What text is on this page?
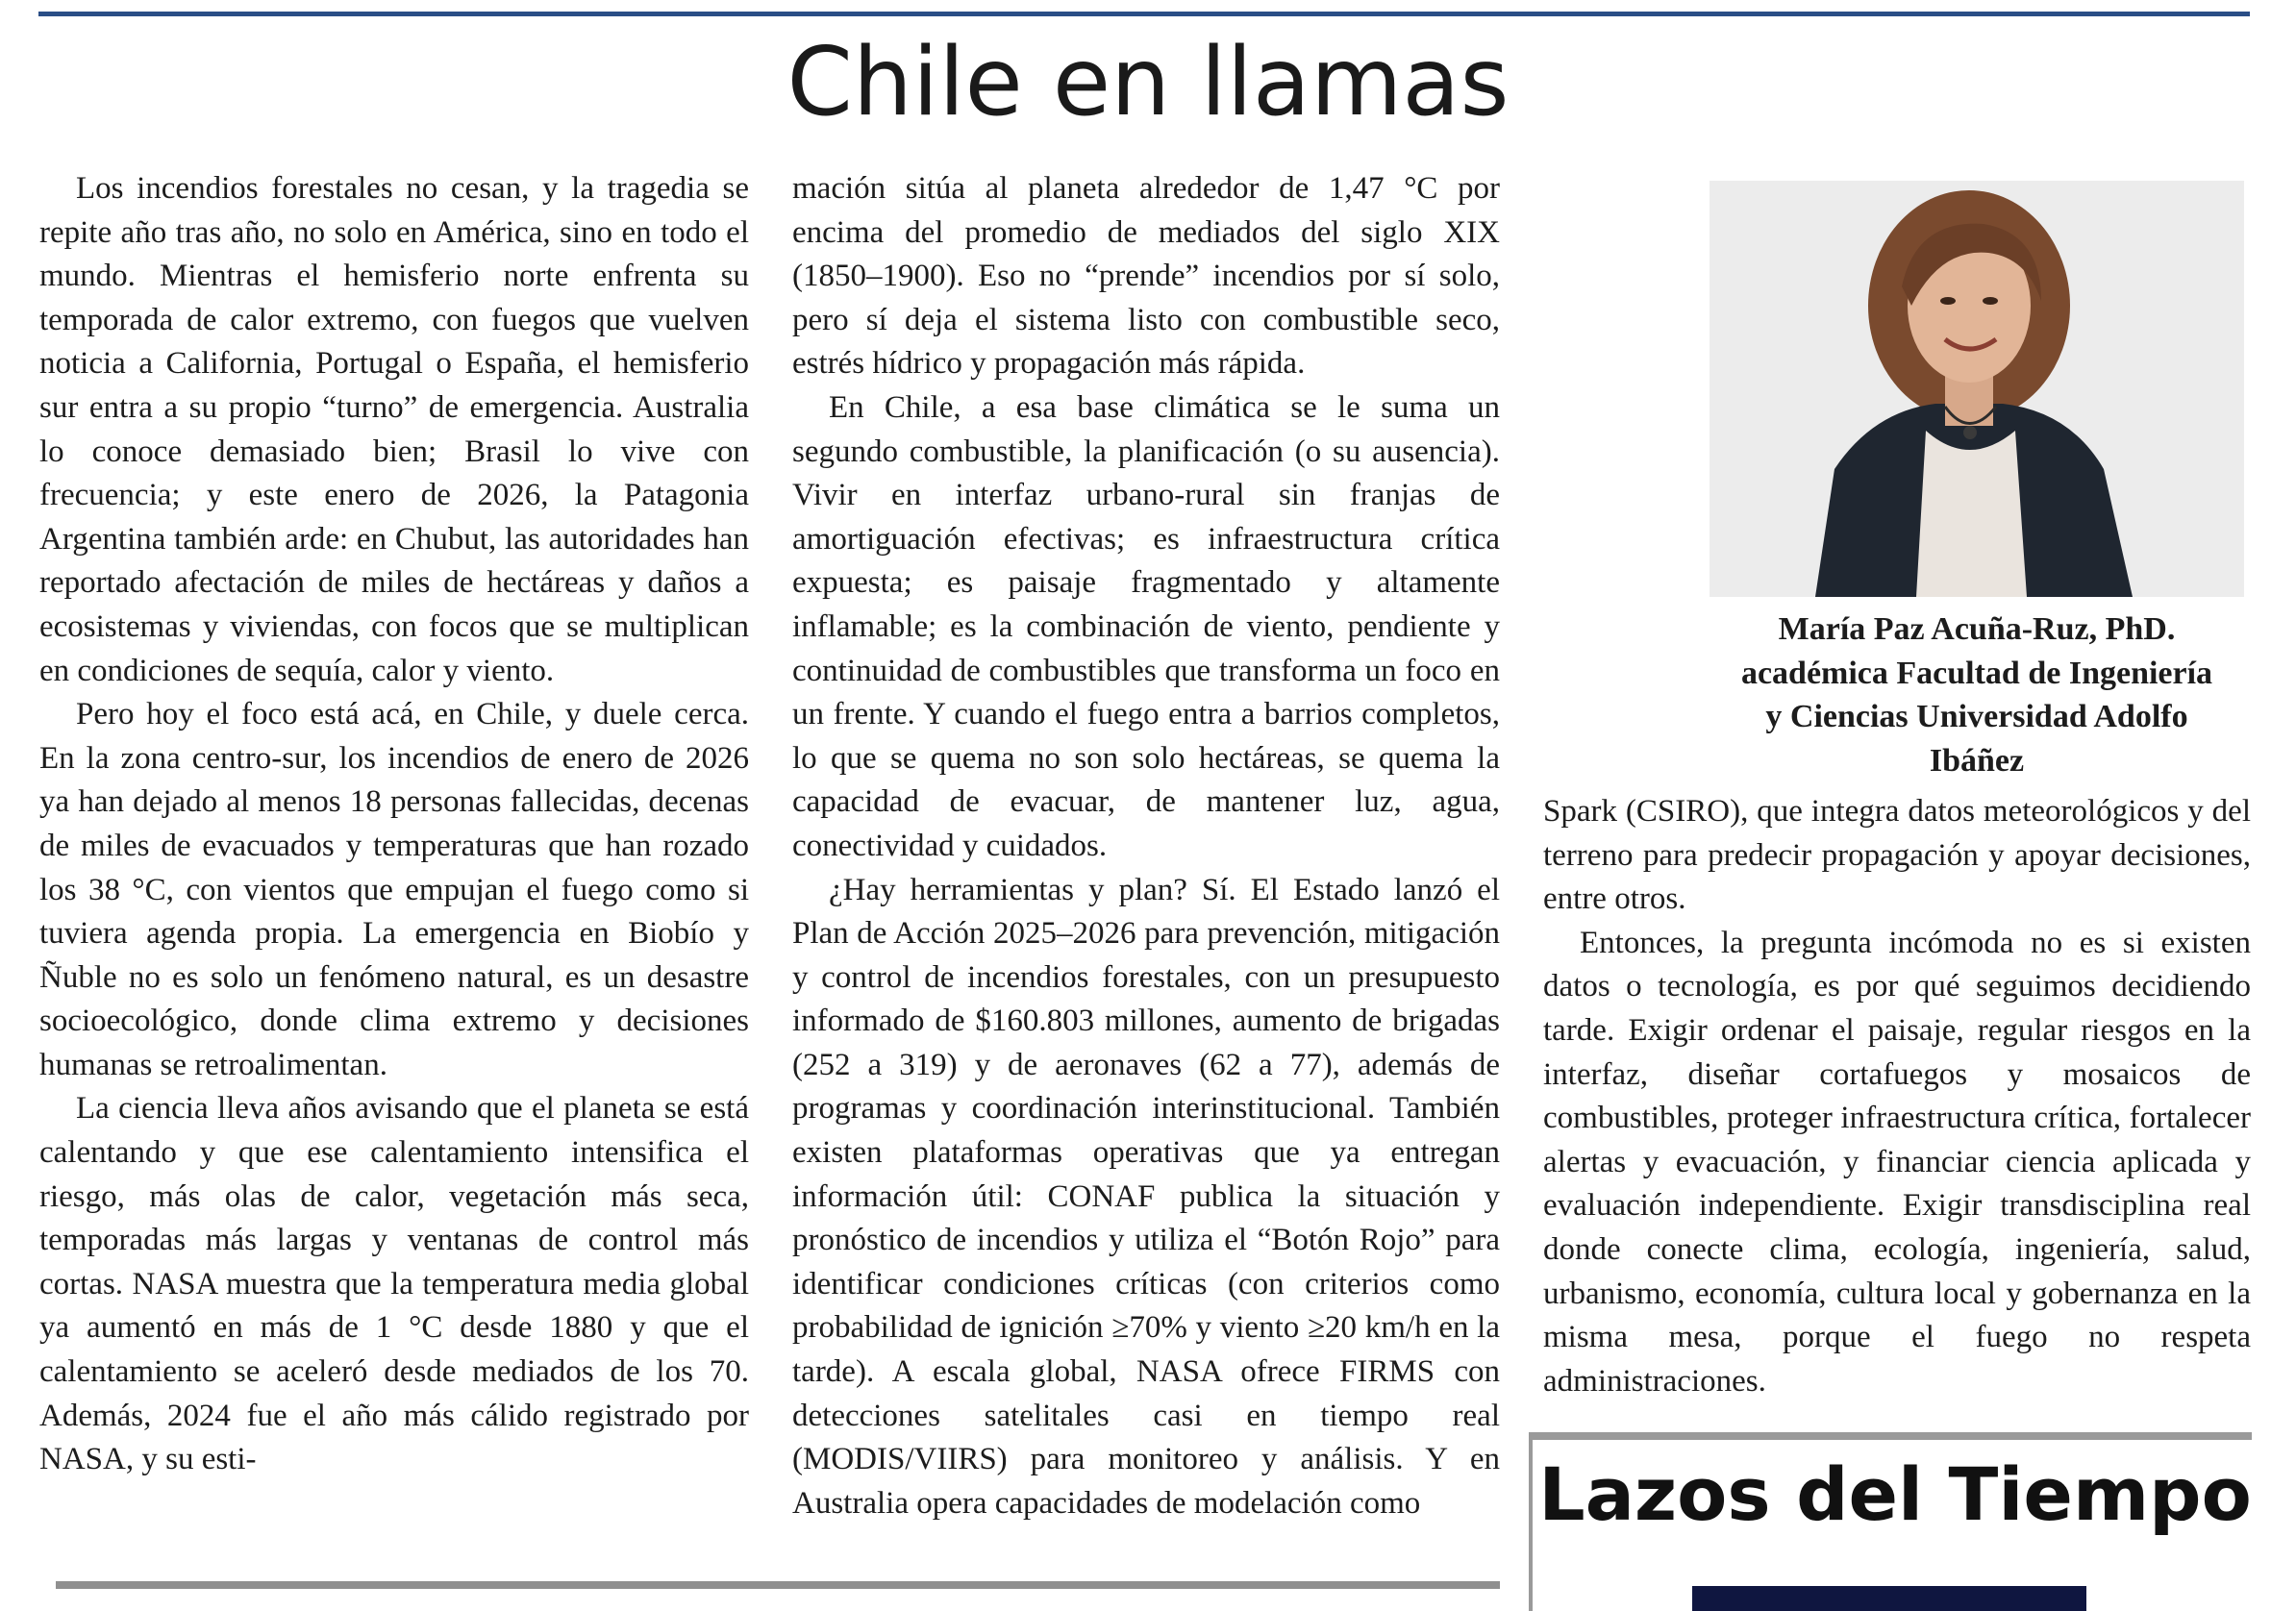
Chile en llamas

Los incendios forestales no cesan, y la tragedia se repite año tras año, no solo en América, sino en todo el mundo. Mientras el hemisferio norte enfrenta su temporada de calor extremo, con fuegos que vuelven noticia a California, Portugal o España, el hemisferio sur entra a su propio “turno” de emergencia. Australia lo conoce demasiado bien; Brasil lo vive con frecuencia; y este enero de 2026, la Patagonia Argentina también arde: en Chubut, las autoridades han reportado afectación de miles de hectáreas y daños a ecosistemas y viviendas, con focos que se multiplican en condiciones de sequía, calor y viento.

Pero hoy el foco está acá, en Chile, y duele cerca. En la zona centro-sur, los incendios de enero de 2026 ya han dejado al menos 18 personas fallecidas, decenas de miles de evacuados y temperaturas que han rozado los 38 °C, con vientos que empujan el fuego como si tuviera agenda propia. La emergencia en Biobío y Ñuble no es solo un fenómeno natural, es un desastre socioecológico, donde clima extremo y decisiones humanas se retroalimentan.

La ciencia lleva años avisando que el planeta se está calentando y que ese calentamiento intensifica el riesgo, más olas de calor, vegetación más seca, temporadas más largas y ventanas de control más cortas. NASA muestra que la temperatura media global ya aumentó en más de 1 °C desde 1880 y que el calentamiento se aceleró desde mediados de los 70. Además, 2024 fue el año más cálido registrado por NASA, y su esti-

mación sitúa al planeta alrededor de 1,47 °C por encima del promedio de mediados del siglo XIX (1850–1900). Eso no “prende” incendios por sí solo, pero sí deja el sistema listo con combustible seco, estrés hídrico y propagación más rápida.

En Chile, a esa base climática se le suma un segundo combustible, la planificación (o su ausencia). Vivir en interfaz urbano-rural sin franjas de amortiguación efectivas; es infraestructura crítica expuesta; es paisaje fragmentado y altamente inflamable; es la combinación de viento, pendiente y continuidad de combustibles que transforma un foco en un frente. Y cuando el fuego entra a barrios completos, lo que se quema no son solo hectáreas, se quema la capacidad de evacuar, de mantener luz, agua, conectividad y cuidados.

¿Hay herramientas y plan? Sí. El Estado lanzó el Plan de Acción 2025–2026 para prevención, mitigación y control de incendios forestales, con un presupuesto informado de $160.803 millones, aumento de brigadas (252 a 319) y de aeronaves (62 a 77), además de programas y coordinación interinstitucional. También existen plataformas operativas que ya entregan información útil: CONAF publica la situación y pronóstico de incendios y utiliza el “Botón Rojo” para identificar condiciones críticas (con criterios como probabilidad de ignición ≥70% y viento ≥20 km/h en la tarde). A escala global, NASA ofrece FIRMS con detecciones satelitales casi en tiempo real (MODIS/VIIRS) para monitoreo y análisis. Y en Australia opera capacidades de modelación como

María Paz Acuña-Ruz, PhD.
académica Facultad de Ingeniería
y Ciencias Universidad Adolfo
Ibáñez

Spark (CSIRO), que integra datos meteorológicos y del terreno para predecir propagación y apoyar decisiones, entre otros.

Entonces, la pregunta incómoda no es si existen datos o tecnología, es por qué seguimos decidiendo tarde. Exigir ordenar el paisaje, regular riesgos en la interfaz, diseñar cortafuegos y mosaicos de combustibles, proteger infraestructura crítica, fortalecer alertas y evacuación, y financiar ciencia aplicada y evaluación independiente. Exigir transdisciplina real donde conecte clima, ecología, ingeniería, salud, urbanismo, economía, cultura local y gobernanza en la misma mesa, porque el fuego no respeta administraciones.

Lazos del Tiempo
